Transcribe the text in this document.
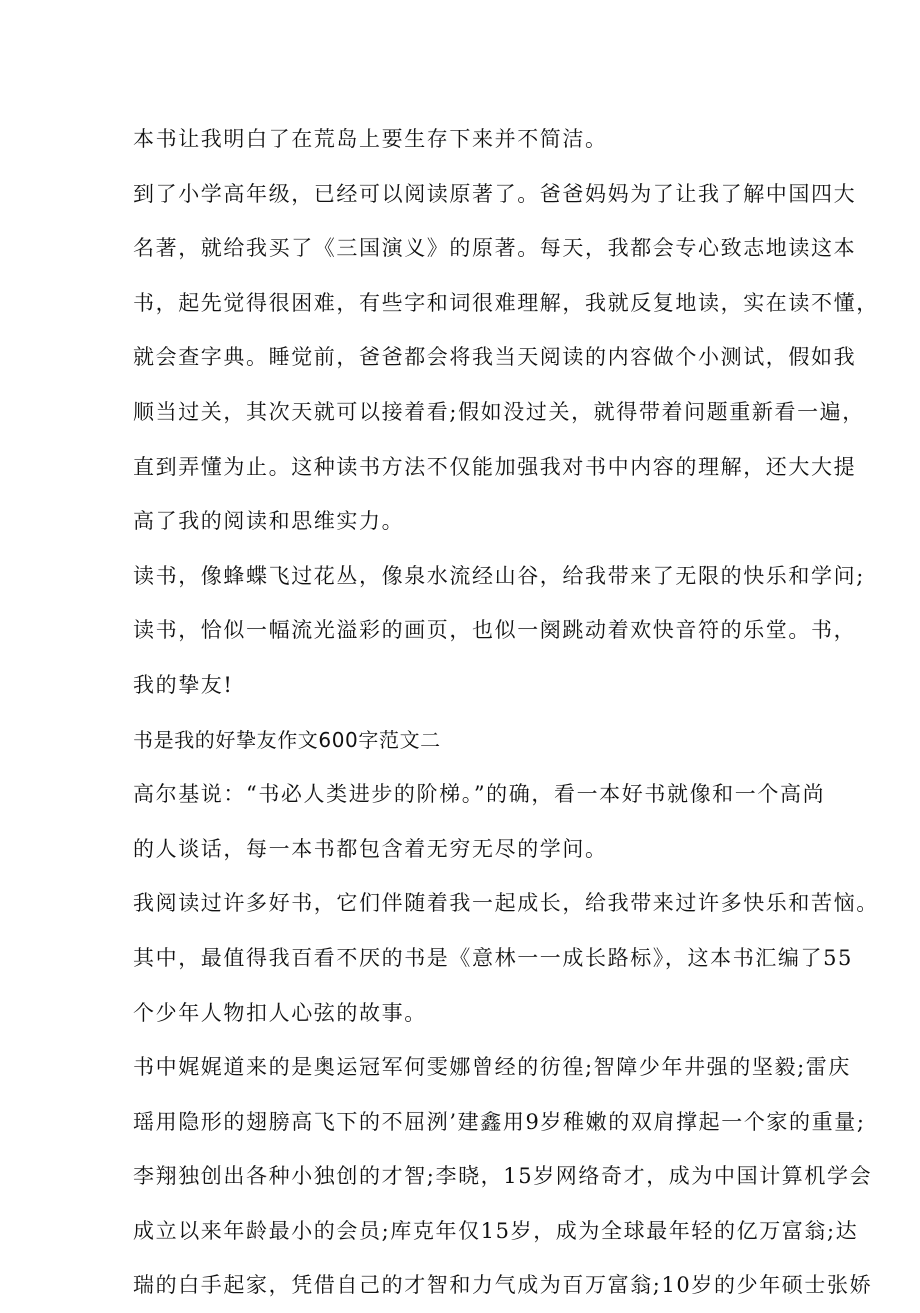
本书让我明白了在荒岛上要生存下来并不简洁。
到了小学高年级，已经可以阅读原著了。爸爸妈妈为了让我了解中国四大
名著，就给我买了《三国演义》的原著。每天，我都会专心致志地读这本
书，起先觉得很困难，有些字和词很难理解，我就反复地读，实在读不懂，
就会查字典。睡觉前，爸爸都会将我当天阅读的内容做个小测试，假如我
顺当过关，其次天就可以接着看;假如没过关，就得带着问题重新看一遍，
直到弄懂为止。这种读书方法不仅能加强我对书中内容的理解，还大大提
高了我的阅读和思维实力。
读书，像蜂蝶飞过花丛，像泉水流经山谷，给我带来了无限的快乐和学问;
读书，恰似一幅流光溢彩的画页，也似一阕跳动着欢快音符的乐堂。书，
我的挚友!
书是我的好挚友作文600字范文二
高尔基说：“书必人类进步的阶梯。”的确，看一本好书就像和一个高尚
的人谈话，每一本书都包含着无穷无尽的学问。
我阅读过许多好书，它们伴随着我一起成长，给我带来过许多快乐和苦恼。
其中，最值得我百看不厌的书是《意林一一成长路标》，这本书汇编了55
个少年人物扣人心弦的故事。
书中娓娓道来的是奥运冠军何雯娜曾经的彷徨;智障少年井强的坚毅;雷庆
瑶用隐形的翅膀高飞下的不屈洌’建鑫用9岁稚嫩的双肩撑起一个家的重量;
李翔独创出各种小独创的才智;李晓，15岁网络奇才，成为中国计算机学会
成立以来年龄最小的会员;库克年仅15岁，成为全球最年轻的亿万富翁;达
瑞的白手起家，凭借自己的才智和力气成为百万富翁;10岁的少年硕士张娇
